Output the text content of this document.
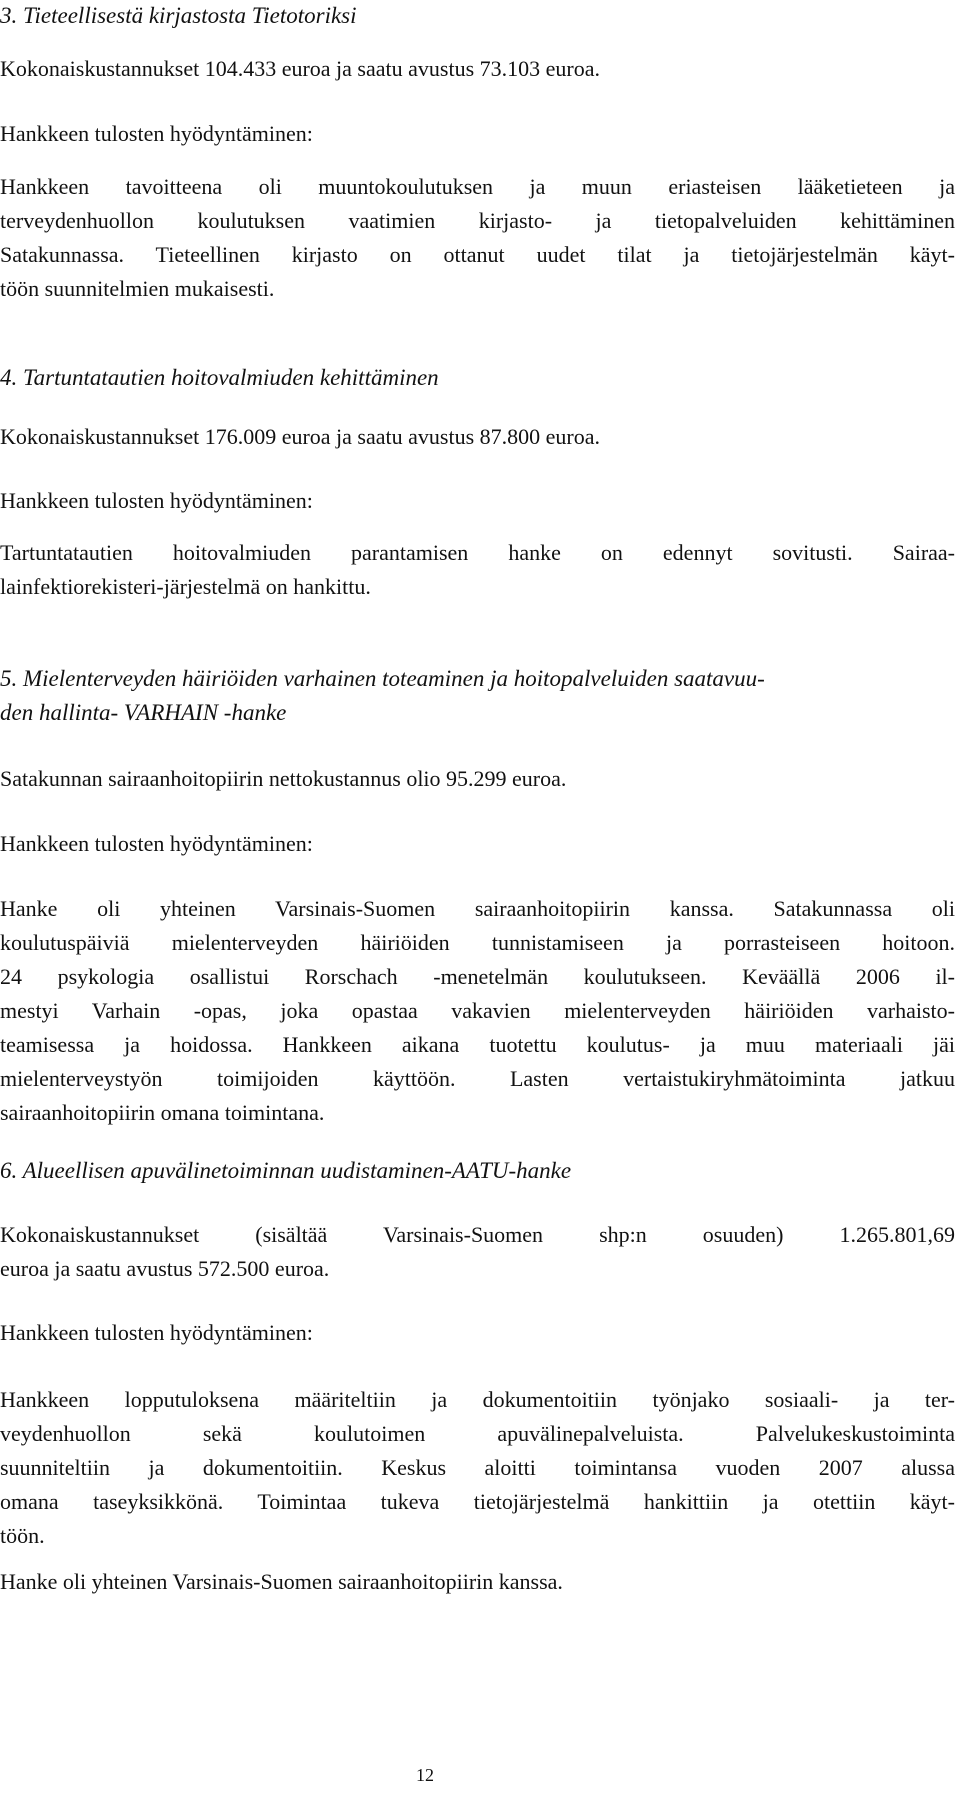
3. Tieteellisestä kirjastosta Tietotoriksi
Kokonaiskustannukset 104.433 euroa ja saatu avustus 73.103 euroa.
Hankkeen tulosten hyödyntäminen:
Hankkeen tavoitteena oli muuntokoulutuksen ja muun eriasteisen lääketieteen ja
terveydenhuollon koulutuksen vaatimien kirjasto- ja tietopalveluiden kehittäminen
Satakunnassa. Tieteellinen kirjasto on ottanut uudet tilat ja tietojärjestelmän käyt-
töön suunnitelmien mukaisesti.
4. Tartuntatautien hoitovalmiuden kehittäminen
Kokonaiskustannukset 176.009 euroa ja saatu avustus 87.800 euroa.
Hankkeen tulosten hyödyntäminen:
Tartuntatautien hoitovalmiuden parantamisen hanke on edennyt sovitusti. Sairaa-
lainfektiorekisteri-järjestelmä on hankittu.
5. Mielenterveyden häiriöiden varhainen toteaminen ja hoitopalveluiden saatavuu-
den hallinta- VARHAIN -hanke
Satakunnan sairaanhoitopiirin nettokustannus olio 95.299 euroa.
Hankkeen tulosten hyödyntäminen:
Hanke oli yhteinen Varsinais-Suomen sairaanhoitopiirin kanssa. Satakunnassa oli
koulutuspäiviä mielenterveyden häiriöiden tunnistamiseen ja porrasteiseen hoitoon.
24 psykologia osallistui Rorschach -menetelmän koulutukseen. Keväällä 2006 il-
mestyi Varhain -opas, joka opastaa vakavien mielenterveyden häiriöiden varhaisto-
teamisessa ja hoidossa. Hankkeen aikana tuotettu koulutus- ja muu materiaali jäi
mielenterveystyön toimijoiden käyttöön. Lasten vertaistukiryhmätoiminta jatkuu
sairaanhoitopiirin omana toimintana.
6. Alueellisen apuvälinetoiminnan uudistaminen-AATU-hanke
Kokonaiskustannukset (sisältää Varsinais-Suomen shp:n osuuden) 1.265.801,69
euroa ja saatu avustus 572.500 euroa.
Hankkeen tulosten hyödyntäminen:
Hankkeen lopputuloksena määriteltiin ja dokumentoitiin työnjako sosiaali- ja ter-
veydenhuollon sekä koulutoimen apuvälinepalveluista. Palvelukeskustoiminta
suunniteltiin ja dokumentoitiin. Keskus aloitti toimintansa vuoden 2007 alussa
omana taseyksikkönä. Toimintaa tukeva tietojärjestelmä hankittiin ja otettiin käyt-
töön.
Hanke oli yhteinen Varsinais-Suomen sairaanhoitopiirin kanssa.
12
